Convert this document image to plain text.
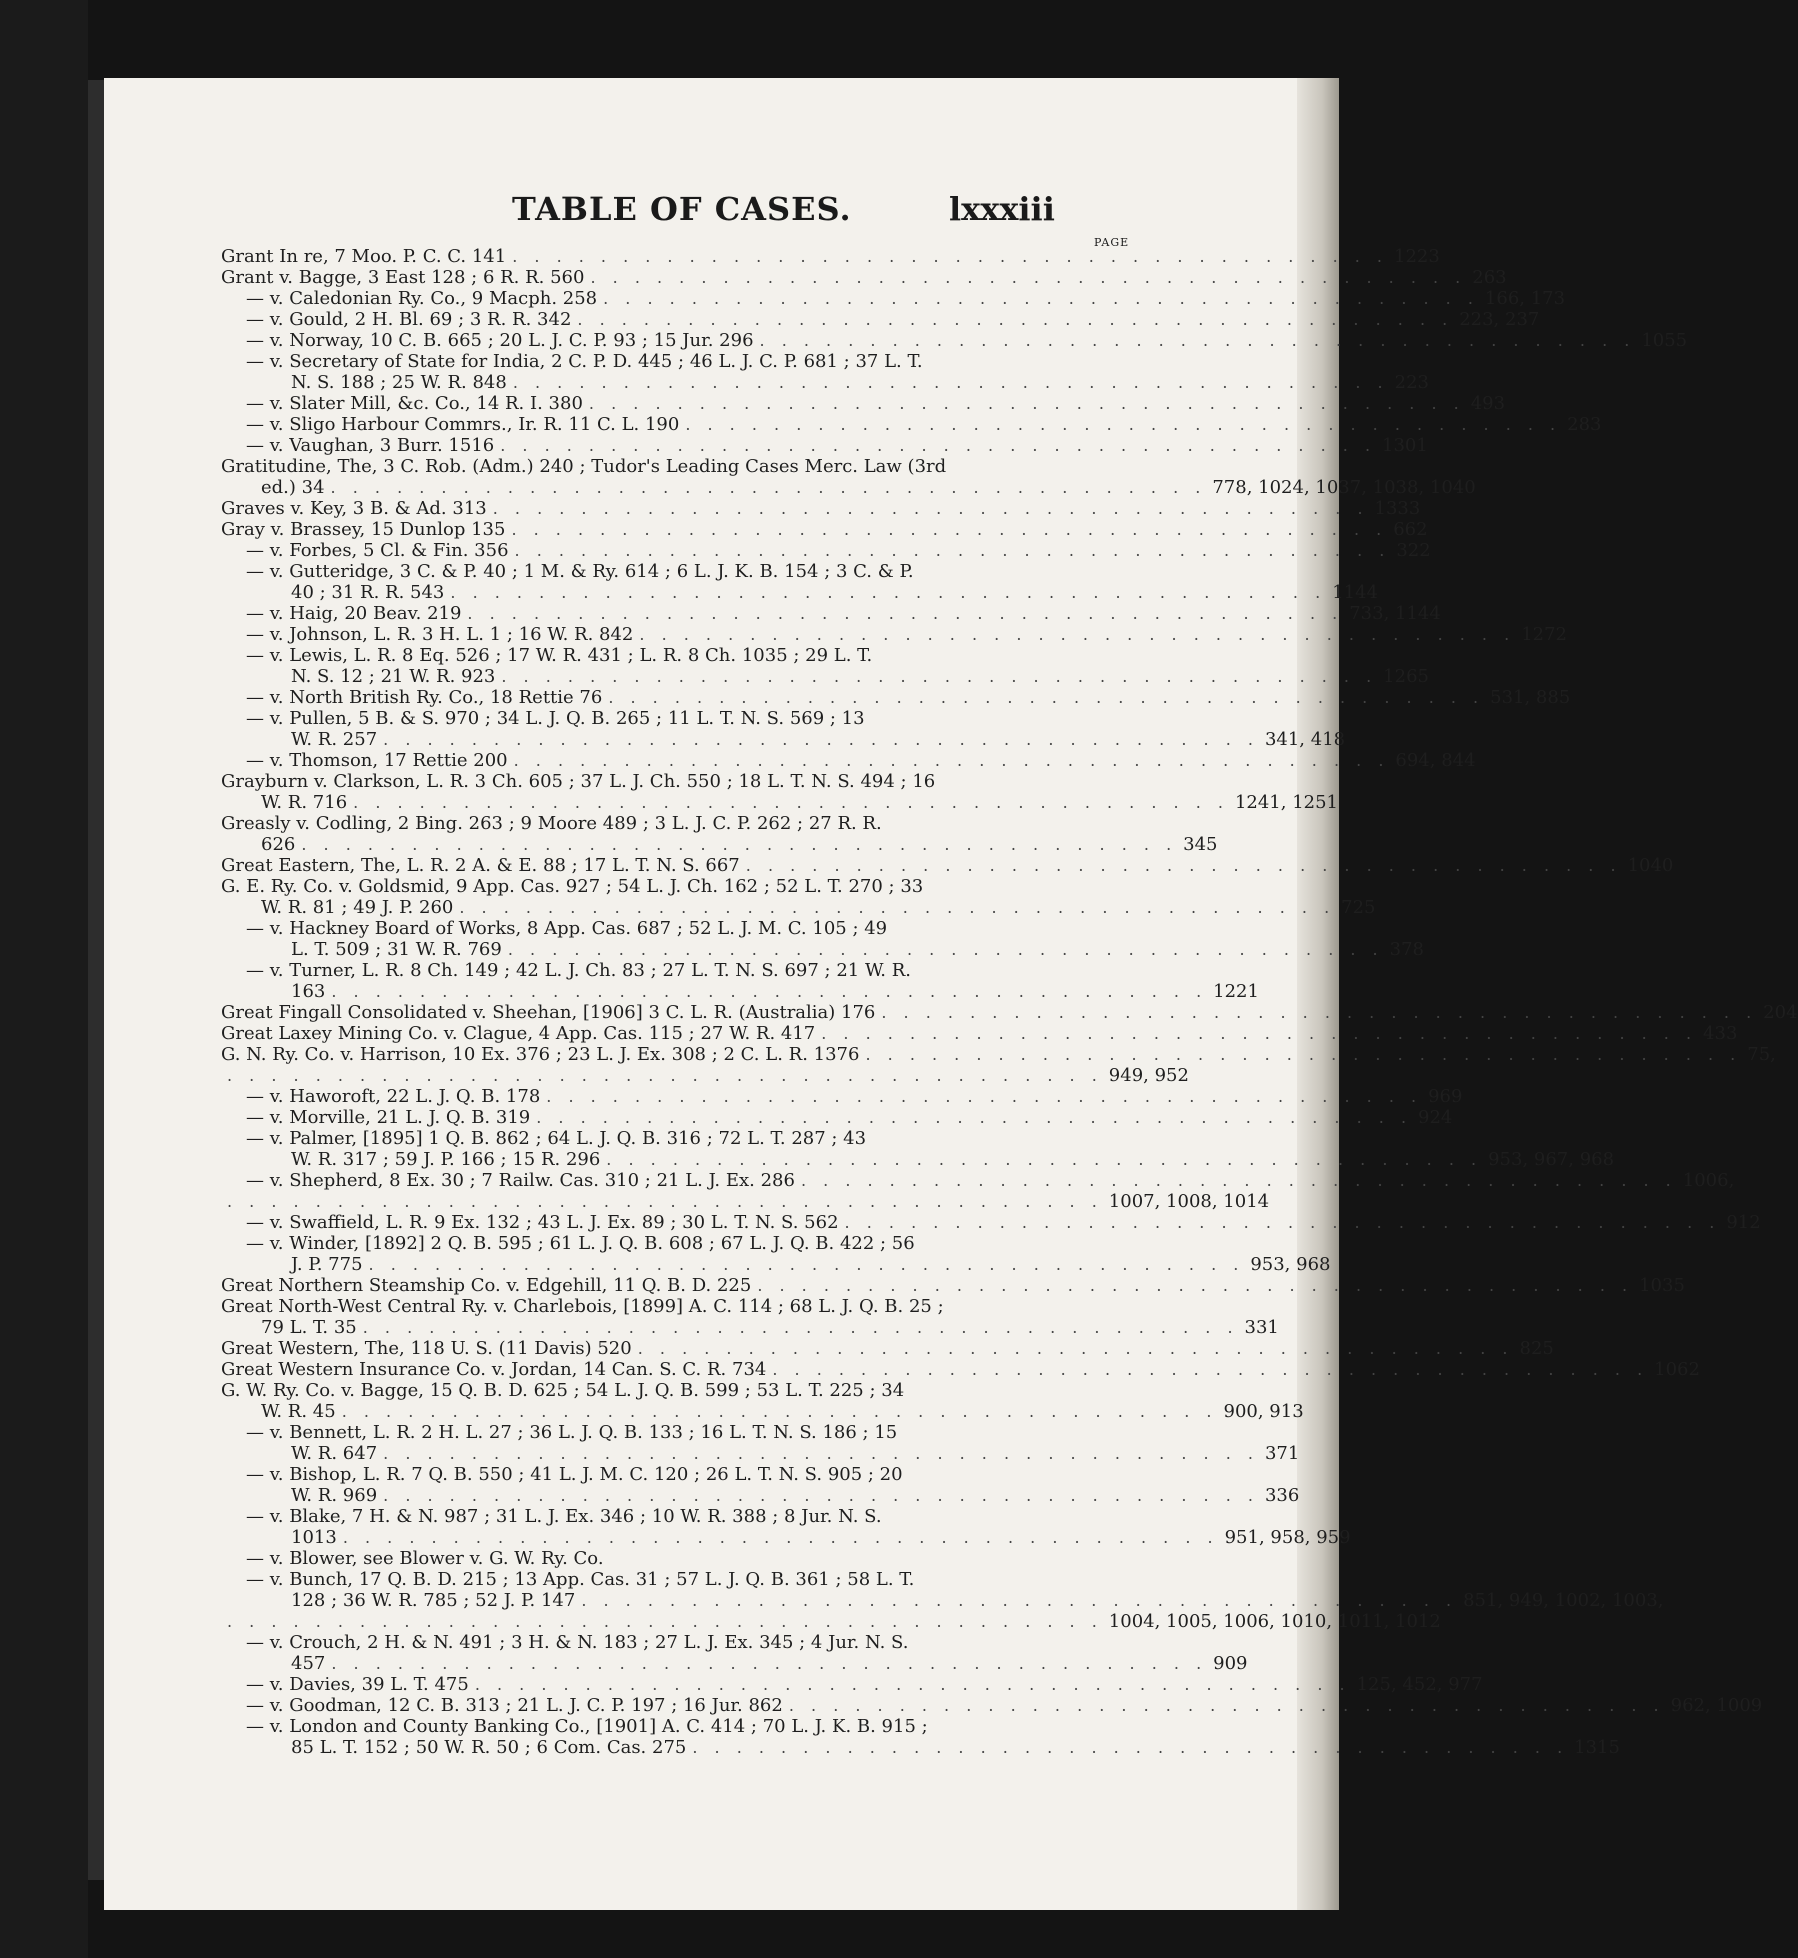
TABLE OF CASES.	lxxxiii
PAGE
Grant In re, 7 Moo. P. C. C. 141 . . . . . . . . . . . . . . . . . . . . . . . . . . . . . . . . . . . . . . . . 1223
Grant v. Bagge, 3 East 128 ; 6 R. R. 560 . . . . . . . . . . . . . . . . . . . . . . . . . . . . . . . . . . . . . . . . 263
— v. Caledonian Ry. Co., 9 Macph. 258 . . . . . . . . . . . . . . . . . . . . . . . . . . . . . . . . . . . . . . . . 166, 173
— v. Gould, 2 H. Bl. 69 ; 3 R. R. 342 . . . . . . . . . . . . . . . . . . . . . . . . . . . . . . . . . . . . . . . . 223, 237
— v. Norway, 10 C. B. 665 ; 20 L. J. C. P. 93 ; 15 Jur. 296 . . . . . . . . . . . . . . . . . . . . . . . . . . . . . . . . . . . . . . . . 1055
— v. Secretary of State for India, 2 C. P. D. 445 ; 46 L. J. C. P. 681 ; 37 L. T.
N. S. 188 ; 25 W. R. 848 . . . . . . . . . . . . . . . . . . . . . . . . . . . . . . . . . . . . . . . . 223
— v. Slater Mill, &c. Co., 14 R. I. 380 . . . . . . . . . . . . . . . . . . . . . . . . . . . . . . . . . . . . . . . . 493
— v. Sligo Harbour Commrs., Ir. R. 11 C. L. 190 . . . . . . . . . . . . . . . . . . . . . . . . . . . . . . . . . . . . . . . . 283
— v. Vaughan, 3 Burr. 1516 . . . . . . . . . . . . . . . . . . . . . . . . . . . . . . . . . . . . . . . . 1301
Gratitudine, The, 3 C. Rob. (Adm.) 240 ; Tudor's Leading Cases Merc. Law (3rd
ed.) 34 . . . . . . . . . . . . . . . . . . . . . . . . . . . . . . . . . . . . . . . . 778, 1024, 1037, 1038, 1040
Graves v. Key, 3 B. & Ad. 313 . . . . . . . . . . . . . . . . . . . . . . . . . . . . . . . . . . . . . . . . 1333
Gray v. Brassey, 15 Dunlop 135 . . . . . . . . . . . . . . . . . . . . . . . . . . . . . . . . . . . . . . . . 662
— v. Forbes, 5 Cl. & Fin. 356 . . . . . . . . . . . . . . . . . . . . . . . . . . . . . . . . . . . . . . . . 322
— v. Gutteridge, 3 C. & P. 40 ; 1 M. & Ry. 614 ; 6 L. J. K. B. 154 ; 3 C. & P.
40 ; 31 R. R. 543 . . . . . . . . . . . . . . . . . . . . . . . . . . . . . . . . . . . . . . . . 1144
— v. Haig, 20 Beav. 219 . . . . . . . . . . . . . . . . . . . . . . . . . . . . . . . . . . . . . . . . 733, 1144
— v. Johnson, L. R. 3 H. L. 1 ; 16 W. R. 842 . . . . . . . . . . . . . . . . . . . . . . . . . . . . . . . . . . . . . . . . 1272
— v. Lewis, L. R. 8 Eq. 526 ; 17 W. R. 431 ; L. R. 8 Ch. 1035 ; 29 L. T.
N. S. 12 ; 21 W. R. 923 . . . . . . . . . . . . . . . . . . . . . . . . . . . . . . . . . . . . . . . . 1265
— v. North British Ry. Co., 18 Rettie 76 . . . . . . . . . . . . . . . . . . . . . . . . . . . . . . . . . . . . . . . . 531, 885
— v. Pullen, 5 B. & S. 970 ; 34 L. J. Q. B. 265 ; 11 L. T. N. S. 569 ; 13
W. R. 257 . . . . . . . . . . . . . . . . . . . . . . . . . . . . . . . . . . . . . . . . 341, 418
— v. Thomson, 17 Rettie 200 . . . . . . . . . . . . . . . . . . . . . . . . . . . . . . . . . . . . . . . . 694, 844
Grayburn v. Clarkson, L. R. 3 Ch. 605 ; 37 L. J. Ch. 550 ; 18 L. T. N. S. 494 ; 16
W. R. 716 . . . . . . . . . . . . . . . . . . . . . . . . . . . . . . . . . . . . . . . . 1241, 1251
Greasly v. Codling, 2 Bing. 263 ; 9 Moore 489 ; 3 L. J. C. P. 262 ; 27 R. R.
626 . . . . . . . . . . . . . . . . . . . . . . . . . . . . . . . . . . . . . . . . 345
Great Eastern, The, L. R. 2 A. & E. 88 ; 17 L. T. N. S. 667 . . . . . . . . . . . . . . . . . . . . . . . . . . . . . . . . . . . . . . . . 1040
G. E. Ry. Co. v. Goldsmid, 9 App. Cas. 927 ; 54 L. J. Ch. 162 ; 52 L. T. 270 ; 33
W. R. 81 ; 49 J. P. 260 . . . . . . . . . . . . . . . . . . . . . . . . . . . . . . . . . . . . . . . . 725
— v. Hackney Board of Works, 8 App. Cas. 687 ; 52 L. J. M. C. 105 ; 49
L. T. 509 ; 31 W. R. 769 . . . . . . . . . . . . . . . . . . . . . . . . . . . . . . . . . . . . . . . . 378
— v. Turner, L. R. 8 Ch. 149 ; 42 L. J. Ch. 83 ; 27 L. T. N. S. 697 ; 21 W. R.
163 . . . . . . . . . . . . . . . . . . . . . . . . . . . . . . . . . . . . . . . . 1221
Great Fingall Consolidated v. Sheehan, [1906] 3 C. L. R. (Australia) 176 . . . . . . . . . . . . . . . . . . . . . . . . . . . . . . . . . . . . . . . . 204
Great Laxey Mining Co. v. Clague, 4 App. Cas. 115 ; 27 W. R. 417 . . . . . . . . . . . . . . . . . . . . . . . . . . . . . . . . . . . . . . . . 433
G. N. Ry. Co. v. Harrison, 10 Ex. 376 ; 23 L. J. Ex. 308 ; 2 C. L. R. 1376 . . . . . . . . . . . . . . . . . . . . . . . . . . . . . . . . . . . . . . . . 75,
. . . . . . . . . . . . . . . . . . . . . . . . . . . . . . . . . . . . . . . . 949, 952
— v. Haworoft, 22 L. J. Q. B. 178 . . . . . . . . . . . . . . . . . . . . . . . . . . . . . . . . . . . . . . . . 969
— v. Morville, 21 L. J. Q. B. 319 . . . . . . . . . . . . . . . . . . . . . . . . . . . . . . . . . . . . . . . . 924
— v. Palmer, [1895] 1 Q. B. 862 ; 64 L. J. Q. B. 316 ; 72 L. T. 287 ; 43
W. R. 317 ; 59 J. P. 166 ; 15 R. 296 . . . . . . . . . . . . . . . . . . . . . . . . . . . . . . . . . . . . . . . . 953, 967, 968
— v. Shepherd, 8 Ex. 30 ; 7 Railw. Cas. 310 ; 21 L. J. Ex. 286 . . . . . . . . . . . . . . . . . . . . . . . . . . . . . . . . . . . . . . . . 1006,
. . . . . . . . . . . . . . . . . . . . . . . . . . . . . . . . . . . . . . . . 1007, 1008, 1014
— v. Swaffield, L. R. 9 Ex. 132 ; 43 L. J. Ex. 89 ; 30 L. T. N. S. 562 . . . . . . . . . . . . . . . . . . . . . . . . . . . . . . . . . . . . . . . . 912
— v. Winder, [1892] 2 Q. B. 595 ; 61 L. J. Q. B. 608 ; 67 L. J. Q. B. 422 ; 56
J. P. 775 . . . . . . . . . . . . . . . . . . . . . . . . . . . . . . . . . . . . . . . . 953, 968
Great Northern Steamship Co. v. Edgehill, 11 Q. B. D. 225 . . . . . . . . . . . . . . . . . . . . . . . . . . . . . . . . . . . . . . . . 1035
Great North-West Central Ry. v. Charlebois, [1899] A. C. 114 ; 68 L. J. Q. B. 25 ;
79 L. T. 35 . . . . . . . . . . . . . . . . . . . . . . . . . . . . . . . . . . . . . . . . 331
Great Western, The, 118 U. S. (11 Davis) 520 . . . . . . . . . . . . . . . . . . . . . . . . . . . . . . . . . . . . . . . . 825
Great Western Insurance Co. v. Jordan, 14 Can. S. C. R. 734 . . . . . . . . . . . . . . . . . . . . . . . . . . . . . . . . . . . . . . . . 1062
G. W. Ry. Co. v. Bagge, 15 Q. B. D. 625 ; 54 L. J. Q. B. 599 ; 53 L. T. 225 ; 34
W. R. 45 . . . . . . . . . . . . . . . . . . . . . . . . . . . . . . . . . . . . . . . . 900, 913
— v. Bennett, L. R. 2 H. L. 27 ; 36 L. J. Q. B. 133 ; 16 L. T. N. S. 186 ; 15
W. R. 647 . . . . . . . . . . . . . . . . . . . . . . . . . . . . . . . . . . . . . . . . 371
— v. Bishop, L. R. 7 Q. B. 550 ; 41 L. J. M. C. 120 ; 26 L. T. N. S. 905 ; 20
W. R. 969 . . . . . . . . . . . . . . . . . . . . . . . . . . . . . . . . . . . . . . . . 336
— v. Blake, 7 H. & N. 987 ; 31 L. J. Ex. 346 ; 10 W. R. 388 ; 8 Jur. N. S.
1013 . . . . . . . . . . . . . . . . . . . . . . . . . . . . . . . . . . . . . . . . 951, 958, 959
— v. Blower, see Blower v. G. W. Ry. Co.
— v. Bunch, 17 Q. B. D. 215 ; 13 App. Cas. 31 ; 57 L. J. Q. B. 361 ; 58 L. T.
128 ; 36 W. R. 785 ; 52 J. P. 147 . . . . . . . . . . . . . . . . . . . . . . . . . . . . . . . . . . . . . . . . 851, 949, 1002, 1003,
. . . . . . . . . . . . . . . . . . . . . . . . . . . . . . . . . . . . . . . . 1004, 1005, 1006, 1010, 1011, 1012
— v. Crouch, 2 H. & N. 491 ; 3 H. & N. 183 ; 27 L. J. Ex. 345 ; 4 Jur. N. S.
457 . . . . . . . . . . . . . . . . . . . . . . . . . . . . . . . . . . . . . . . . 909
— v. Davies, 39 L. T. 475 . . . . . . . . . . . . . . . . . . . . . . . . . . . . . . . . . . . . . . . . 125, 452, 977
— v. Goodman, 12 C. B. 313 ; 21 L. J. C. P. 197 ; 16 Jur. 862 . . . . . . . . . . . . . . . . . . . . . . . . . . . . . . . . . . . . . . . . 962, 1009
— v. London and County Banking Co., [1901] A. C. 414 ; 70 L. J. K. B. 915 ;
85 L. T. 152 ; 50 W. R. 50 ; 6 Com. Cas. 275 . . . . . . . . . . . . . . . . . . . . . . . . . . . . . . . . . . . . . . . . 1315
